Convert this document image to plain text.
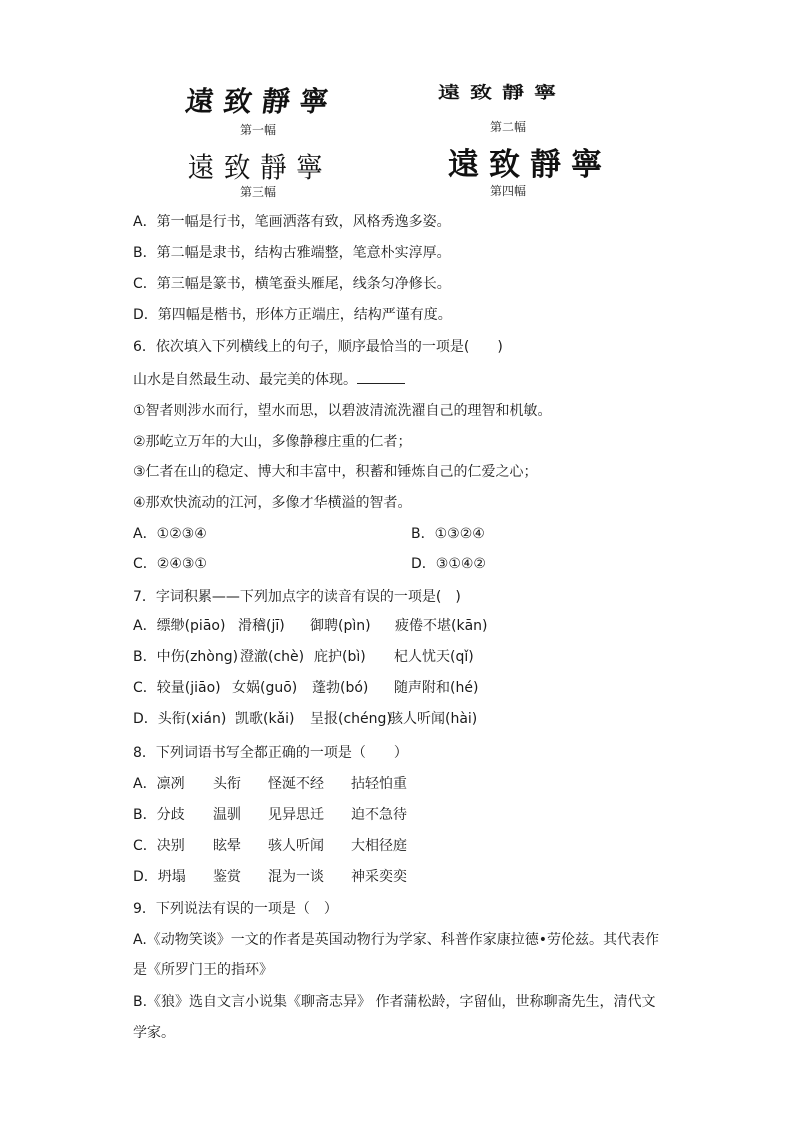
遠致靜寧
第一幅
遠致靜寧
第二幅
遠致靜寧
第三幅
遠致靜寧
第四幅
A．第一幅是行书，笔画洒落有致，风格秀逸多姿。
B．第二幅是隶书，结构古雅端整，笔意朴实淳厚。
C．第三幅是篆书，横笔蚕头雁尾，线条匀净修长。
D．第四幅是楷书，形体方正端庄，结构严谨有度。
6．依次填入下列横线上的句子，顺序最恰当的一项是(　　)
山水是自然最生动、最完美的体现。
①智者则涉水而行，望水而思，以碧波清流洗濯自己的理智和机敏。
②那屹立万年的大山，多像静穆庄重的仁者；
③仁者在山的稳定、博大和丰富中，积蓄和锤炼自己的仁爱之心；
④那欢快流动的江河，多像才华横溢的智者。
A．①②③④	B．①③②④
C．②④③①	D．③①④②
7．字词积累——下列加点字的读音有误的一项是(　)
A．缥缈(piāo) 滑稽(jī) 御聘(pìn) 疲倦不堪(kān)
B．中伤(zhòng) 澄澈(chè) 庇护(bì) 杞人忧天(qǐ)
C．较量(jiāo) 女娲(guō) 蓬勃(bó) 随声附和(hé)
D．头衔(xián) 凯歌(kǎi) 呈报(chéng)骇人听闻(hài)
8．下列词语书写全都正确的一项是（　　）
A．凛冽 头衔 怪涎不经 拈轻怕重
B．分歧 温驯 见异思迁 迫不急待
C．决别 眩晕 骇人听闻 大相径庭
D．坍塌 鉴赏 混为一谈 神采奕奕
9．下列说法有误的一项是（　）
A.《动物笑谈》一文的作者是英国动物行为学家、科普作家康拉德•劳伦兹。其代表作
是《所罗门王的指环》
B.《狼》选自文言小说集《聊斋志异》 作者蒲松龄，字留仙，世称聊斋先生，清代文
学家。
